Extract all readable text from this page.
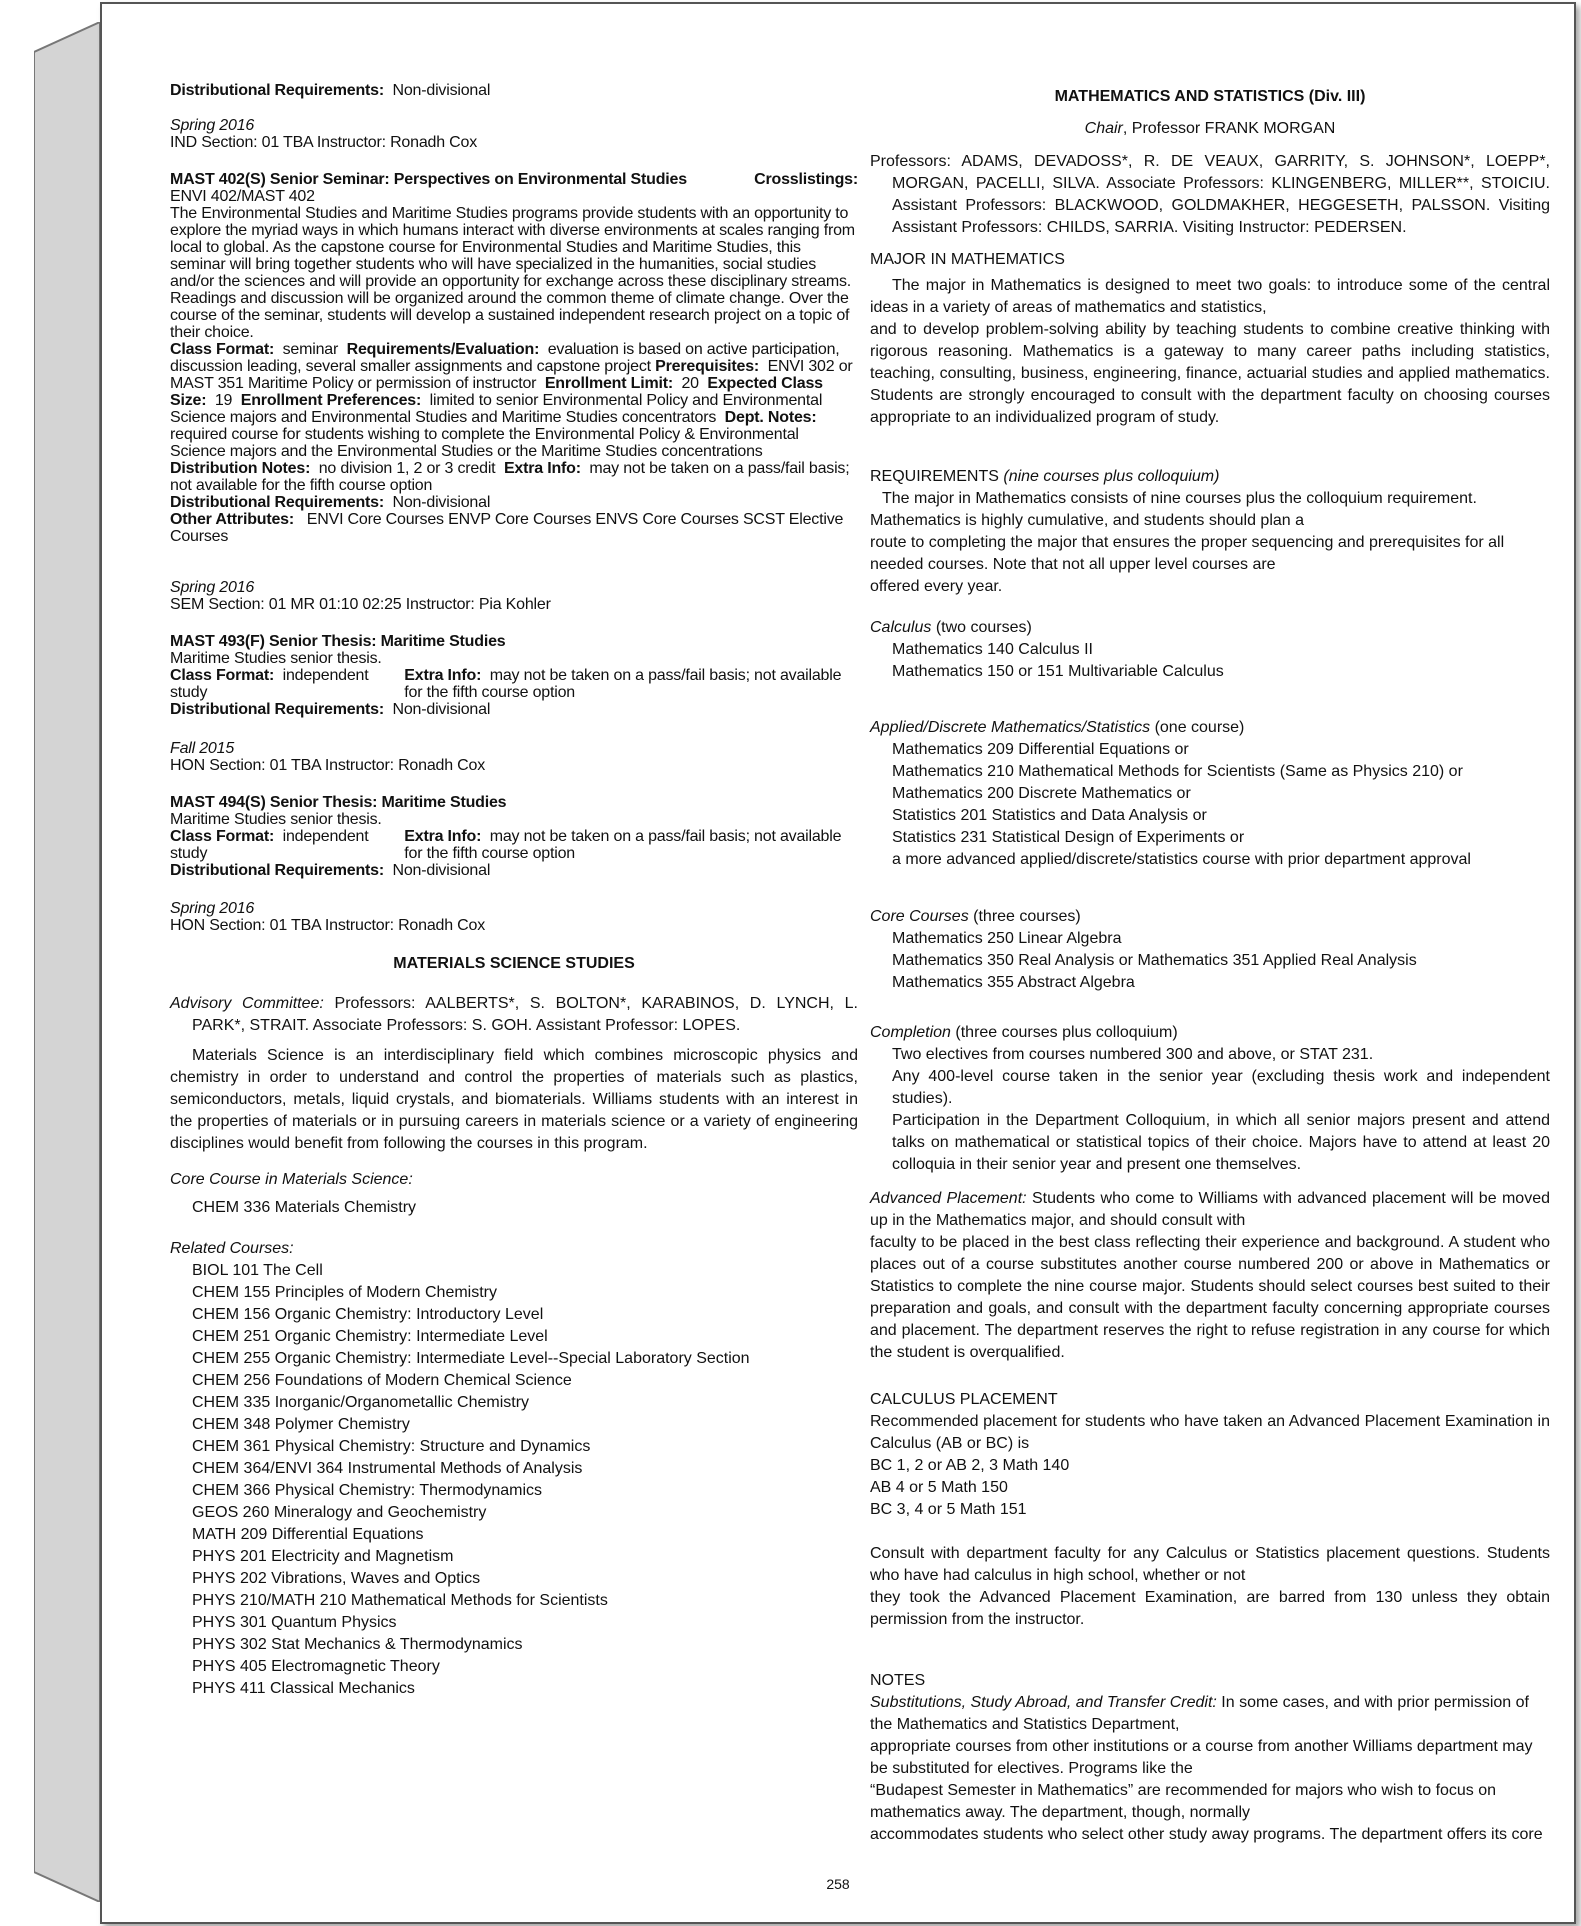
Distributional Requirements: Non-divisional
Spring 2016
IND Section: 01 TBA Instructor: Ronadh Cox
MAST 402(S) Senior Seminar: Perspectives on Environmental Studies	Crosslistings:
ENVI 402/MAST 402
The Environmental Studies and Maritime Studies programs provide students with an opportunity to explore the myriad ways in which humans interact with diverse environments at scales ranging from local to global. As the capstone course for Environmental Studies and Maritime Studies, this seminar will bring together students who will have specialized in the humanities, social studies and/or the sciences and will provide an opportunity for exchange across these disciplinary streams. Readings and discussion will be organized around the common theme of climate change. Over the course of the seminar, students will develop a sustained independent research project on a topic of their choice.
Class Format: seminar Requirements/Evaluation: evaluation is based on active participation, discussion leading, several smaller assignments and capstone project Prerequisites: ENVI 302 or MAST 351 Maritime Policy or permission of instructor Enrollment Limit: 20 Expected Class Size: 19 Enrollment Preferences: limited to senior Environmental Policy and Environmental Science majors and Environmental Studies and Maritime Studies concentrators Dept. Notes:  required course for students wishing to complete the Environmental Policy & Environmental Science majors and the Environmental Studies or the Maritime Studies concentrations  Distribution Notes: no division 1, 2 or 3 credit Extra Info: may not be taken on a pass/fail basis; not available for the fifth course option
Distributional Requirements: Non-divisional
Other Attributes: ENVI Core Courses ENVP Core Courses ENVS Core Courses SCST Elective Courses
Spring 2016
SEM Section: 01 MR 01:10 02:25 Instructor: Pia Kohler
MAST 493(F) Senior Thesis: Maritime Studies
Maritime Studies senior thesis.
Class Format: independent study
Extra Info: may not be taken on a pass/fail basis; not available for the fifth course option
Distributional Requirements: Non-divisional
Fall 2015
HON Section: 01 TBA Instructor: Ronadh Cox
MAST 494(S) Senior Thesis: Maritime Studies
Maritime Studies senior thesis.
Class Format: independent study
Extra Info: may not be taken on a pass/fail basis; not available for the fifth course option
Distributional Requirements: Non-divisional
Spring 2016
HON Section: 01 TBA Instructor: Ronadh Cox
MATERIALS SCIENCE STUDIES
Advisory Committee: Professors: AALBERTS*, S. BOLTON*, KARABINOS, D. LYNCH, L. PARK*, STRAIT. Associate Professors: S. GOH. Assistant Professor: LOPES.
Materials Science is an interdisciplinary field which combines microscopic physics and chemistry in order to understand and control the properties of materials such as plastics, semiconductors, metals, liquid crystals, and biomaterials. Williams students with an interest in the properties of materials or in pursuing careers in materials science or a variety of engineering disciplines would benefit from following the courses in this program.
Core Course in Materials Science:
CHEM 336 Materials Chemistry
Related Courses:
BIOL 101 The Cell
CHEM 155 Principles of Modern Chemistry
CHEM 156 Organic Chemistry: Introductory Level
CHEM 251 Organic Chemistry: Intermediate Level
CHEM 255 Organic Chemistry: Intermediate Level--Special Laboratory Section
CHEM 256 Foundations of Modern Chemical Science
CHEM 335 Inorganic/Organometallic Chemistry
CHEM 348 Polymer Chemistry
CHEM 361 Physical Chemistry: Structure and Dynamics
CHEM 364/ENVI 364 Instrumental Methods of Analysis
CHEM 366 Physical Chemistry: Thermodynamics
GEOS 260 Mineralogy and Geochemistry
MATH 209 Differential Equations
PHYS 201 Electricity and Magnetism
PHYS 202 Vibrations, Waves and Optics
PHYS 210/MATH 210 Mathematical Methods for Scientists
PHYS 301 Quantum Physics
PHYS 302 Stat Mechanics & Thermodynamics
PHYS 405 Electromagnetic Theory
PHYS 411 Classical Mechanics
MATHEMATICS AND STATISTICS (Div. III)
Chair, Professor FRANK MORGAN
Professors: ADAMS, DEVADOSS*, R. DE VEAUX, GARRITY, S. JOHNSON*, LOEPP*, MORGAN, PACELLI, SILVA. Associate Professors: KLINGENBERG, MILLER**, STOICIU. Assistant Professors: BLACKWOOD, GOLDMAKHER, HEGGESETH, PALSSON. Visiting Assistant Professors: CHILDS, SARRIA. Visiting Instructor: PEDERSEN.
MAJOR IN MATHEMATICS
The major in Mathematics is designed to meet two goals: to introduce some of the central ideas in a variety of areas of mathematics and statistics,
and to develop problem-solving ability by teaching students to combine creative thinking with rigorous reasoning. Mathematics is a gateway to many career paths including statistics, teaching, consulting, business, engineering, finance, actuarial studies and applied mathematics. Students are strongly encouraged to consult with the department faculty on choosing courses appropriate to an individualized program of study.
REQUIREMENTS (nine courses plus colloquium)
The major in Mathematics consists of nine courses plus the colloquium requirement.
Mathematics is highly cumulative, and students should plan a
route to completing the major that ensures the proper sequencing and prerequisites for all
needed courses. Note that not all upper level courses are
offered every year.
Calculus (two courses)
Mathematics 140 Calculus II
Mathematics 150 or 151 Multivariable Calculus
Applied/Discrete Mathematics/Statistics (one course)
Mathematics 209 Differential Equations or
Mathematics 210 Mathematical Methods for Scientists (Same as Physics 210) or
Mathematics 200 Discrete Mathematics or
Statistics 201 Statistics and Data Analysis or
Statistics 231 Statistical Design of Experiments or
a more advanced applied/discrete/statistics course with prior department approval
Core Courses (three courses)
Mathematics 250 Linear Algebra
Mathematics 350 Real Analysis or Mathematics 351 Applied Real Analysis
Mathematics 355 Abstract Algebra
Completion (three courses plus colloquium)
Two electives from courses numbered 300 and above, or STAT 231.
Any 400-level course taken in the senior year (excluding thesis work and independent studies).
Participation in the Department Colloquium, in which all senior majors present and attend talks on mathematical or statistical topics of their choice. Majors have to attend at least 20 colloquia in their senior year and present one themselves.
Advanced Placement: Students who come to Williams with advanced placement will be moved up in the Mathematics major, and should consult with
faculty to be placed in the best class reflecting their experience and background. A student who places out of a course substitutes another course numbered 200 or above in Mathematics or Statistics to complete the nine course major. Students should select courses best suited to their preparation and goals, and consult with the department faculty concerning appropriate courses and placement. The department reserves the right to refuse registration in any course for which the student is overqualified.
CALCULUS PLACEMENT
Recommended placement for students who have taken an Advanced Placement Examination in Calculus (AB or BC) is
BC 1, 2 or AB 2, 3 Math 140
AB 4 or 5 Math 150
BC 3, 4 or 5 Math 151
Consult with department faculty for any Calculus or Statistics placement questions. Students who have had calculus in high school, whether or not
they took the Advanced Placement Examination, are barred from 130 unless they obtain permission from the instructor.
NOTES
Substitutions, Study Abroad, and Transfer Credit: In some cases, and with prior permission of the Mathematics and Statistics Department,
appropriate courses from other institutions or a course from another Williams department may be substituted for electives. Programs like the
“Budapest Semester in Mathematics” are recommended for majors who wish to focus on mathematics away. The department, though, normally
accommodates students who select other study away programs. The department offers its core
258
